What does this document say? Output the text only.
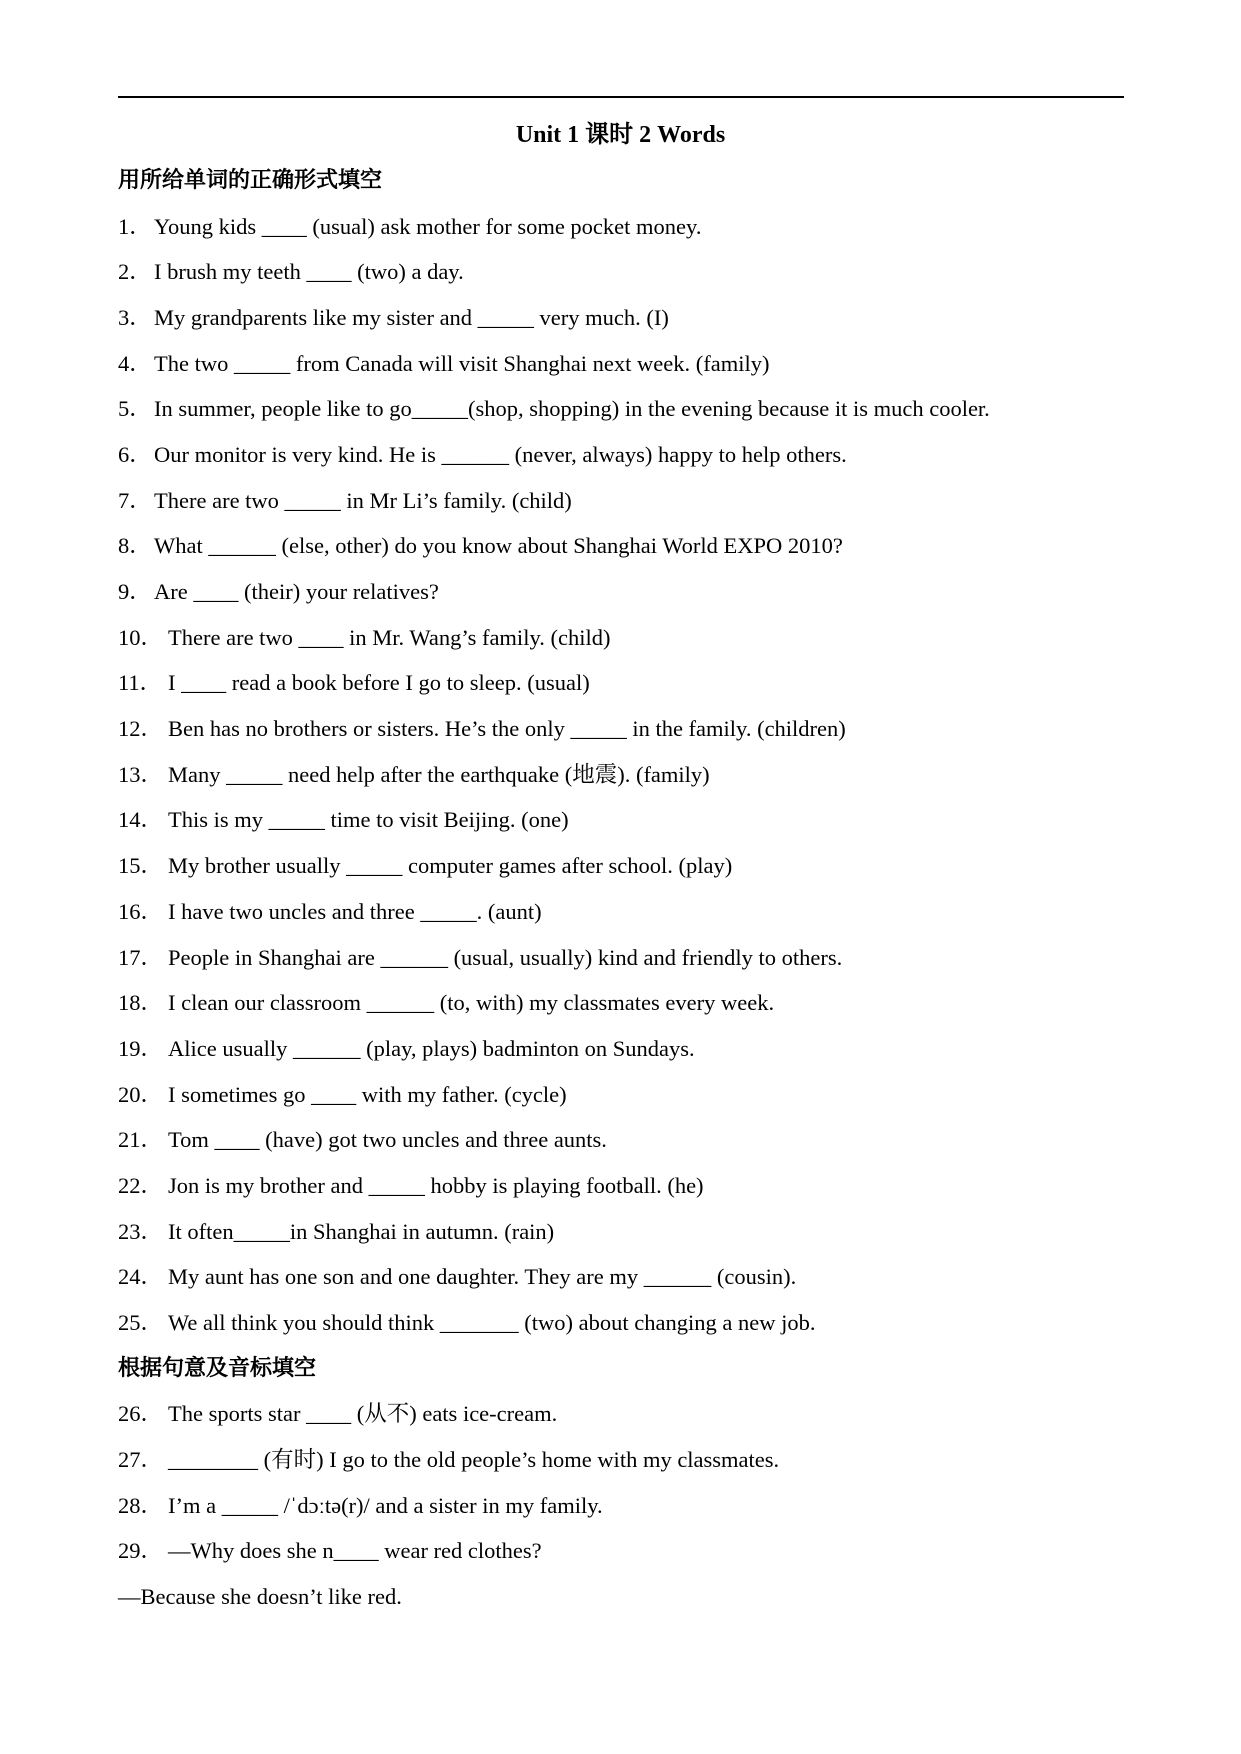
Unit 1 课时 2 Words
用所给单词的正确形式填空
1．Young kids ____ (usual) ask mother for some pocket money.
2．I brush my teeth ____ (two) a day.
3．My grandparents like my sister and _____ very much. (I)
4．The two _____ from Canada will visit Shanghai next week. (family)
5．In summer, people like to go_____(shop, shopping) in the evening because it is much cooler.
6．Our monitor is very kind. He is ______ (never, always) happy to help others.
7．There are two _____ in Mr Li’s family. (child)
8．What ______ (else, other) do you know about Shanghai World EXPO 2010?
9．Are ____ (their) your relatives?
10． There are two ____ in Mr. Wang’s family. (child)
11． I ____ read a book before I go to sleep. (usual)
12． Ben has no brothers or sisters. He’s the only _____ in the family. (children)
13． Many _____ need help after the earthquake (地震). (family)
14． This is my _____ time to visit Beijing. (one)
15． My brother usually _____ computer games after school. (play)
16． I have two uncles and three _____. (aunt)
17． People in Shanghai are ______ (usual, usually) kind and friendly to others.
18． I clean our classroom ______ (to, with) my classmates every week.
19． Alice usually ______ (play, plays) badminton on Sundays.
20． I sometimes go ____ with my father. (cycle)
21． Tom ____ (have) got two uncles and three aunts.
22． Jon is my brother and _____ hobby is playing football. (he)
23． It often_____in Shanghai in autumn. (rain)
24． My aunt has one son and one daughter. They are my ______ (cousin).
25． We all think you should think _______ (two) about changing a new job.
根据句意及音标填空
26． The sports star ____ (从不) eats ice-cream.
27． ________ (有时) I go to the old people’s home with my classmates.
28． I’m a _____ /ˈdɔːtə(r)/ and a sister in my family.
29． —Why does she n____ wear red clothes?
—Because she doesn’t like red.
